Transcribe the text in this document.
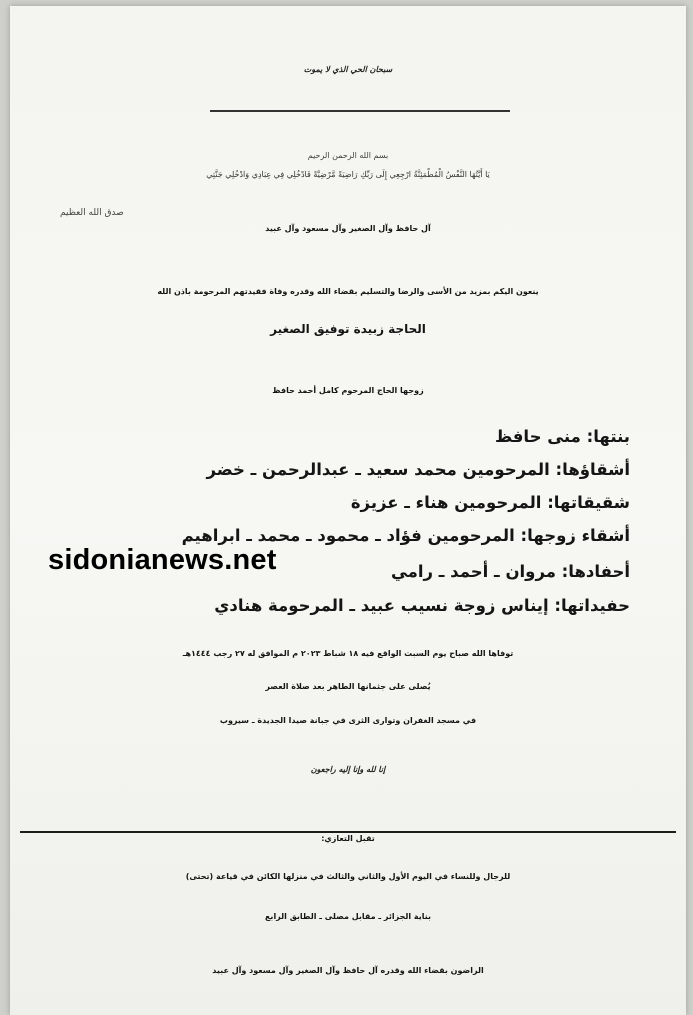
سبحان الحي الذي لا يموت
بسم الله الرحمن الرحيم
يَا أَيَّتُهَا النَّفْسُ الْمُطْمَئِنَّةُ ارْجِعِي إِلَى رَبِّكِ رَاضِيَةً مَّرْضِيَّةً فَادْخُلِي فِي عِبَادِي وَادْخُلِي جَنَّتِي
صدق الله العظيم
آل حافظ وآل الصغير وآل مسعود وآل عبيد
ينعون اليكم بمزيد من الأسى والرضا والتسليم بقضاء الله وقدره وفاة فقيدتهم المرحومة باذن الله
الحاجة زبيدة توفيق الصغير
زوجها الحاج المرحوم كامل أحمد حافظ
بنتها: منى حافظ
أشقاؤها: المرحومين محمد سعيد ـ عبدالرحمن ـ خضر
شقيقاتها: المرحومين هناء ـ عزيزة
أشقاء زوجها: المرحومين فؤاد ـ محمود ـ محمد ـ ابراهيم
أحفادها: مروان ـ أحمد ـ رامي
حفيداتها: إيناس زوجة نسيب عبيد ـ المرحومة هنادي
sidonianews.net
توفاها الله صباح يوم السبت الواقع فيه ١٨ شباط ٢٠٢٣ م الموافق له ٢٧ رجب ١٤٤٤هـ
يُصلى على جثمانها الطاهر بعد صلاة العصر
في مسجد الغفران وتوارى الثرى في جبانة صيدا الجديدة ـ سيروب
إنا لله وإنا إليه راجعون
تقبل التعازي:
للرجال وللنساء في اليوم الأول والثاني والثالث في منزلها الكائن في قياعة (تحتى)
بناية الجزائر ـ مقابل مصلى ـ الطابق الرابع
الراضون بقضاء الله وقدره آل حافظ وآل الصغير وآل مسعود وآل عبيد
